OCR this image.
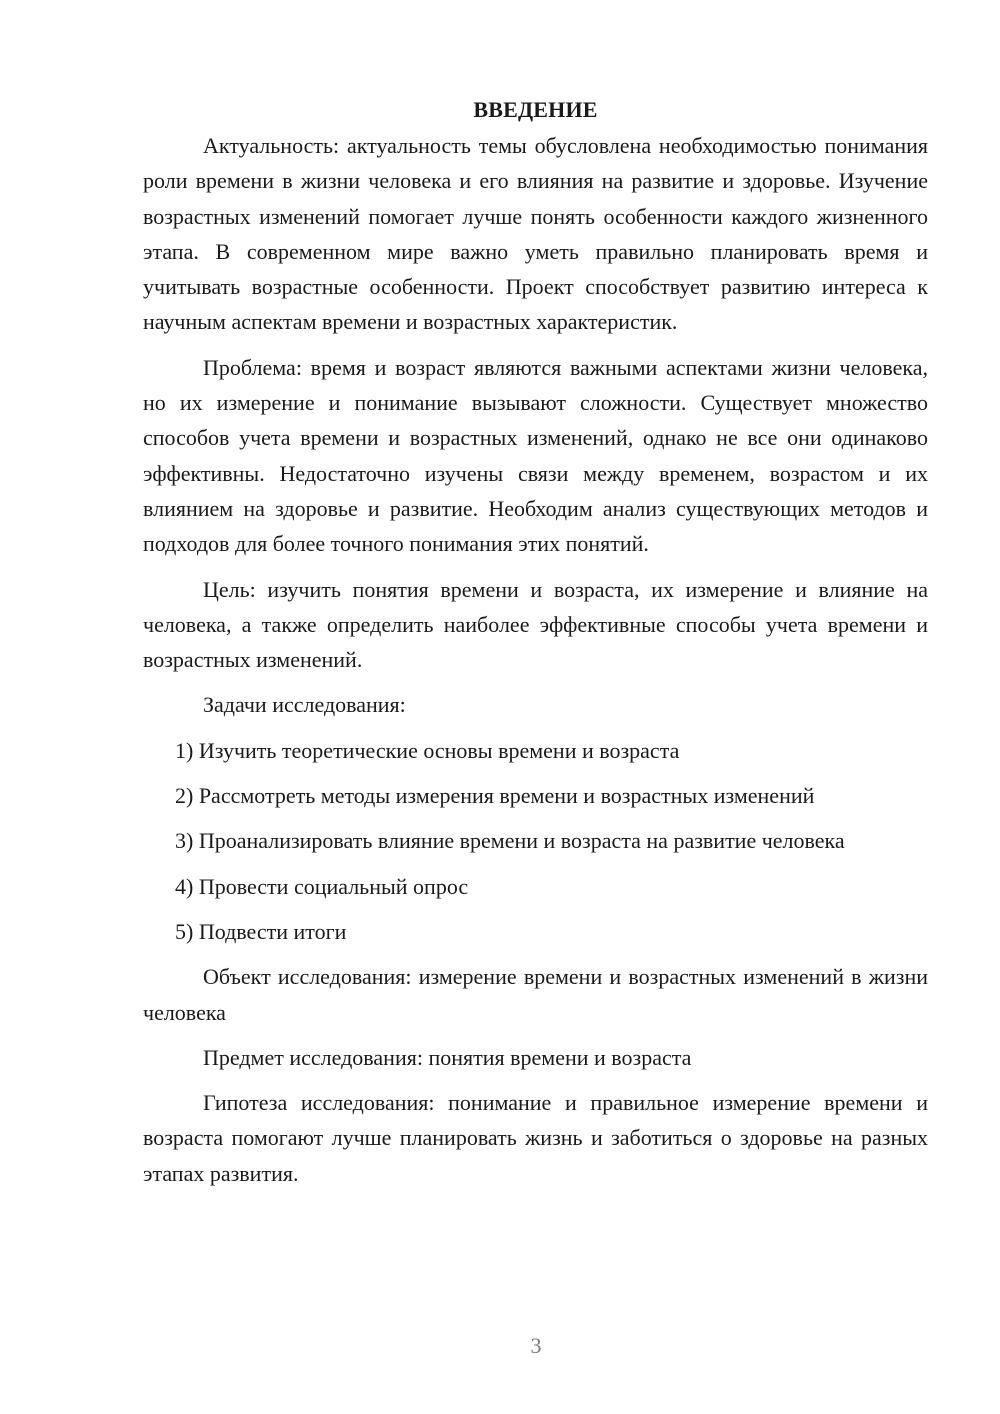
ВВЕДЕНИЕ

Актуальность: актуальность темы обусловлена необходимостью понимания роли времени в жизни человека и его влияния на развитие и здоровье. Изучение возрастных изменений помогает лучше понять особенности каждого жизненного этапа. В современном мире важно уметь правильно планировать время и учитывать возрастные особенности. Проект способствует развитию интереса к научным аспектам времени и возрастных характеристик.

Проблема: время и возраст являются важными аспектами жизни человека, но их измерение и понимание вызывают сложности. Существует множество способов учета времени и возрастных изменений, однако не все они одинаково эффективны. Недостаточно изучены связи между временем, возрастом и их влиянием на здоровье и развитие. Необходим анализ существующих методов и подходов для более точного понимания этих понятий.

Цель: изучить понятия времени и возраста, их измерение и влияние на человека, а также определить наиболее эффективные способы учета времени и возрастных изменений.

Задачи исследования:

1) Изучить теоретические основы времени и возраста

2) Рассмотреть методы измерения времени и возрастных изменений

3) Проанализировать влияние времени и возраста на развитие человека

4) Провести социальный опрос

5) Подвести итоги

Объект исследования: измерение времени и возрастных изменений в жизни человека

Предмет исследования: понятия времени и возраста

Гипотеза исследования: понимание и правильное измерение времени и возраста помогают лучше планировать жизнь и заботиться о здоровье на разных этапах развития.

3
